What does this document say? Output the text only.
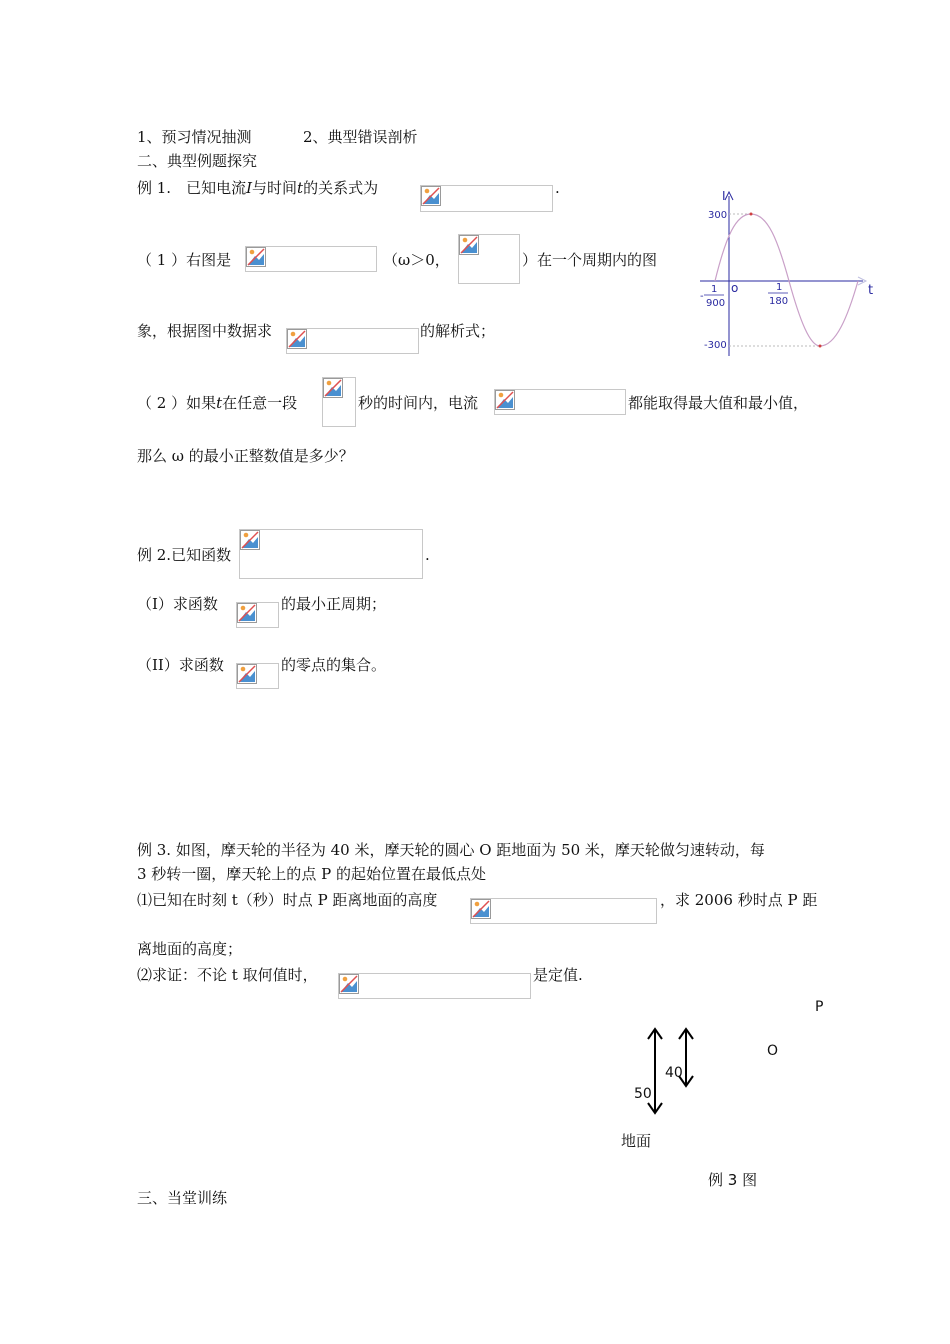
1、预习情况抽测	2、典型错误剖析
二、典型例题探究
例 1.　已知电流I与时间t的关系式为	.
（ 1 ）右图是	（ω＞0，	）在一个周期内的图
象，根据图中数据求	的解析式；
（ 2 ）如果t在任意一段	秒的时间内，电流	都能取得最大值和最小值，
那么 ω 的最小正整数值是多少？
I
t
o
300
-300
1
900
-
1
180
例 2.已知函数	.
（Ⅰ）求函数	的最小正周期；
（II）求函数	的零点的集合。
例 3. 如图，摩天轮的半径为 40 米，摩天轮的圆心 O 距地面为 50 米，摩天轮做匀速转动，每
3 秒转一圈，摩天轮上的点 P 的起始位置在最低点处
⑴已知在时刻 t（秒）时点 P 距离地面的高度	，求 2006 秒时点 P 距
离地面的高度；
⑵求证：不论 t 取何值时，	是定值.
P
O
40
50
地面
例 3 图
三、当堂训练
